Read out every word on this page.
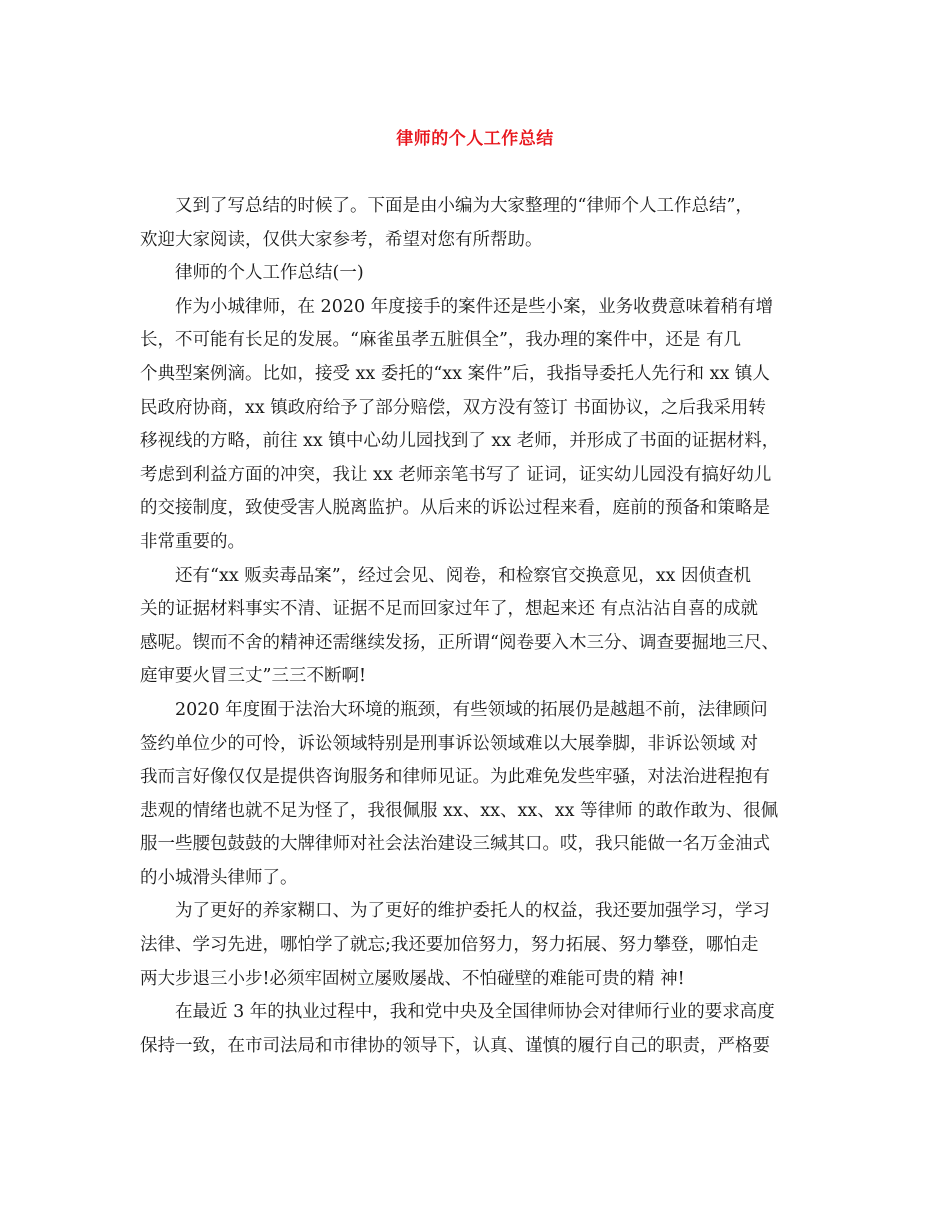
律师的个人工作总结
又到了写总结的时候了。下面是由小编为大家整理的“律师个人工作总结”，
欢迎大家阅读，仅供大家参考，希望对您有所帮助。
律师的个人工作总结(一)
作为小城律师，在 2020 年度接手的案件还是些小案，业务收费意味着稍有增
长，不可能有长足的发展。“麻雀虽孝五脏俱全”，我办理的案件中，还是 有几
个典型案例滴。比如，接受 xx 委托的“xx 案件”后，我指导委托人先行和 xx 镇人
民政府协商，xx 镇政府给予了部分赔偿，双方没有签订 书面协议，之后我采用转
移视线的方略，前往 xx 镇中心幼儿园找到了 xx 老师，并形成了书面的证据材料，
考虑到利益方面的冲突，我让 xx 老师亲笔书写了 证词，证实幼儿园没有搞好幼儿
的交接制度，致使受害人脱离监护。从后来的诉讼过程来看，庭前的预备和策略是
非常重要的。
还有“xx 贩卖毒品案”，经过会见、阅卷，和检察官交换意见，xx 因侦查机
关的证据材料事实不清、证据不足而回家过年了，想起来还 有点沾沾自喜的成就
感呢。锲而不舍的精神还需继续发扬，正所谓“阅卷要入木三分、调查要掘地三尺、
庭审要火冒三丈”三三不断啊!
2020 年度囿于法治大环境的瓶颈，有些领域的拓展仍是越趄不前，法律顾问
签约单位少的可怜，诉讼领域特别是刑事诉讼领域难以大展拳脚，非诉讼领域 对
我而言好像仅仅是提供咨询服务和律师见证。为此难免发些牢骚，对法治进程抱有
悲观的情绪也就不足为怪了，我很佩服 xx、xx、xx、xx 等律师 的敢作敢为、很佩
服一些腰包鼓鼓的大牌律师对社会法治建设三缄其口。哎，我只能做一名万金油式
的小城滑头律师了。
为了更好的养家糊口、为了更好的维护委托人的权益，我还要加强学习，学习
法律、学习先进，哪怕学了就忘;我还要加倍努力，努力拓展、努力攀登，哪怕走
两大步退三小步!必须牢固树立屡败屡战、不怕碰壁的难能可贵的精 神!
在最近 3 年的执业过程中，我和党中央及全国律师协会对律师行业的要求高度
保持一致，在市司法局和市律协的领导下，认真、谨慎的履行自己的职责，严格要
